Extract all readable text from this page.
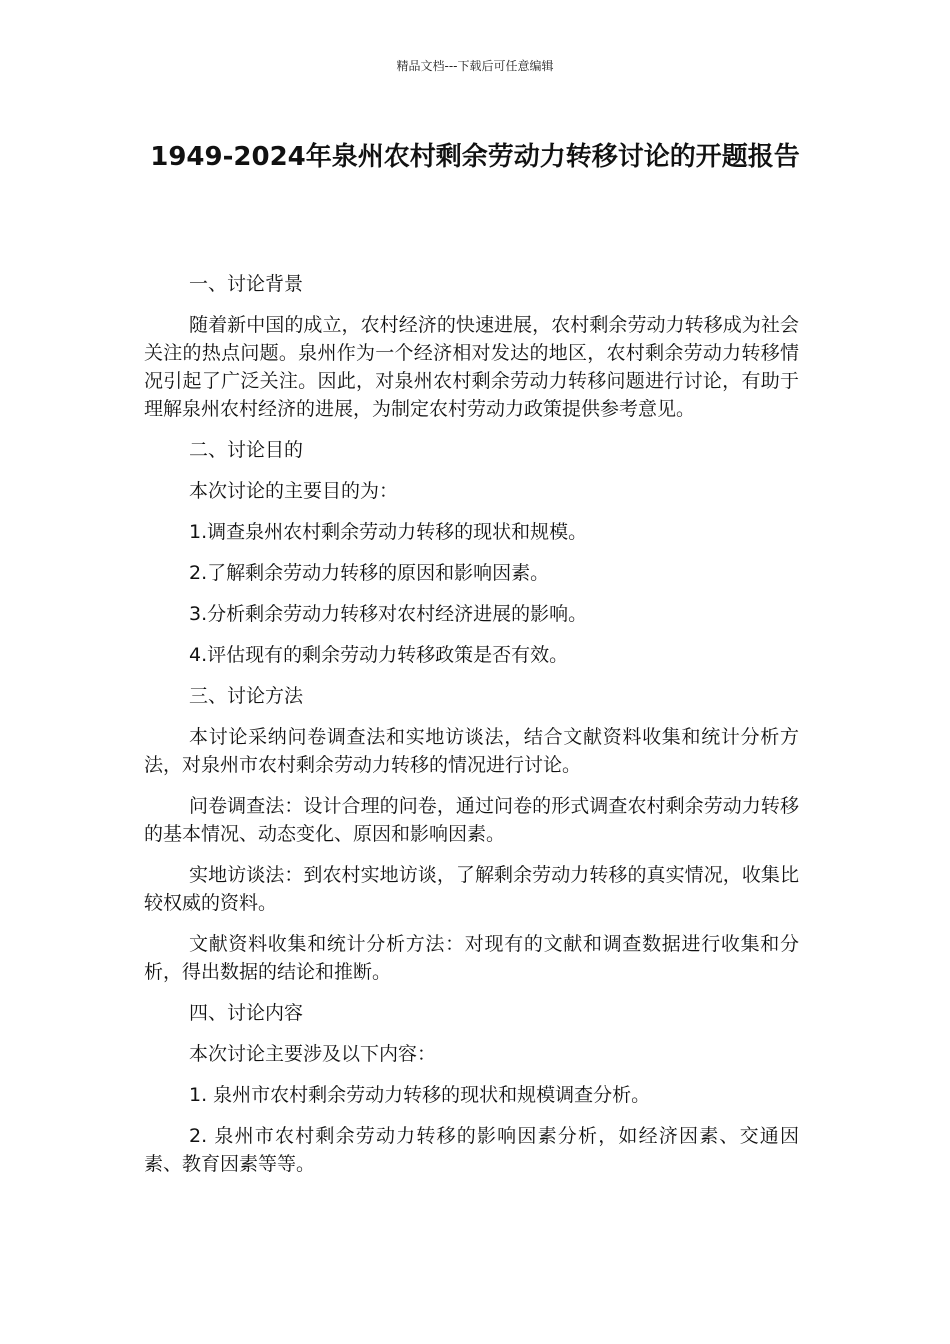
精品文档---下载后可任意编辑
1949-2024年泉州农村剩余劳动力转移讨论的开题报告

一、讨论背景

随着新中国的成立，农村经济的快速进展，农村剩余劳动力转移成为社会关注的热点问题。泉州作为一个经济相对发达的地区，农村剩余劳动力转移情况引起了广泛关注。因此，对泉州农村剩余劳动力转移问题进行讨论，有助于理解泉州农村经济的进展，为制定农村劳动力政策提供参考意见。

二、讨论目的

本次讨论的主要目的为：

1.调查泉州农村剩余劳动力转移的现状和规模。

2.了解剩余劳动力转移的原因和影响因素。

3.分析剩余劳动力转移对农村经济进展的影响。

4.评估现有的剩余劳动力转移政策是否有效。

三、讨论方法

本讨论采纳问卷调查法和实地访谈法，结合文献资料收集和统计分析方法，对泉州市农村剩余劳动力转移的情况进行讨论。

问卷调查法：设计合理的问卷，通过问卷的形式调查农村剩余劳动力转移的基本情况、动态变化、原因和影响因素。

实地访谈法：到农村实地访谈，了解剩余劳动力转移的真实情况，收集比较权威的资料。

文献资料收集和统计分析方法：对现有的文献和调查数据进行收集和分析，得出数据的结论和推断。

四、讨论内容

本次讨论主要涉及以下内容：

1. 泉州市农村剩余劳动力转移的现状和规模调查分析。

2. 泉州市农村剩余劳动力转移的影响因素分析，如经济因素、交通因素、教育因素等等。
